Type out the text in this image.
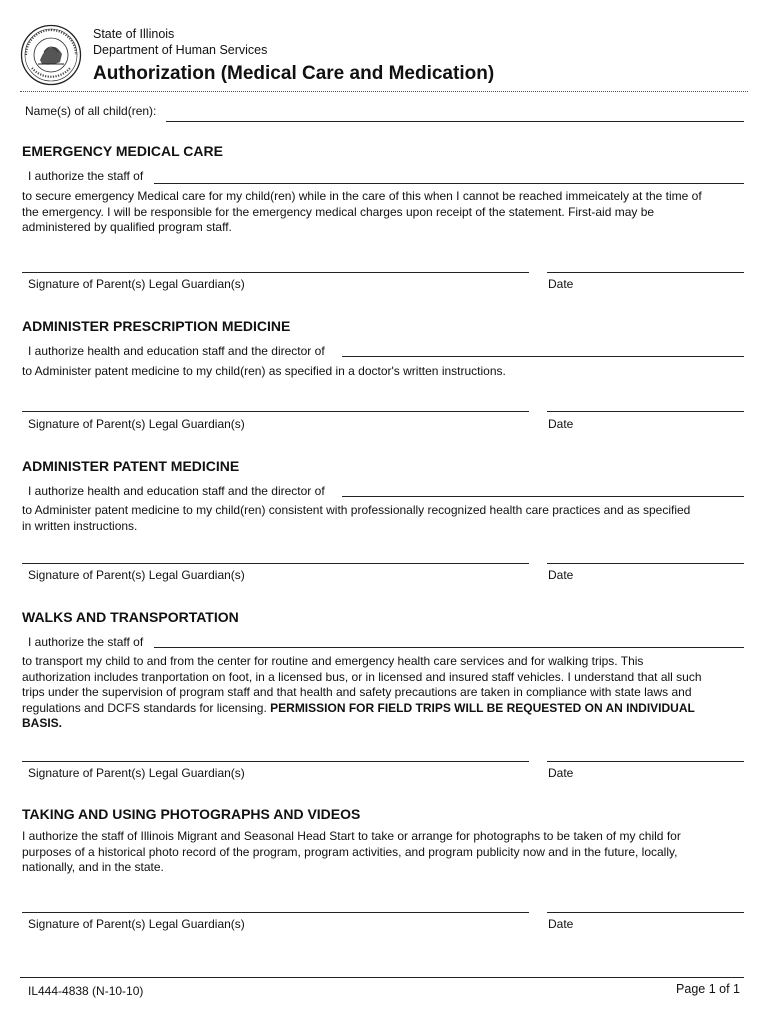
State of Illinois
Department of Human Services
Authorization (Medical Care and Medication)
Name(s) of all child(ren):
EMERGENCY MEDICAL CARE
I authorize the staff of
to secure emergency Medical care for my child(ren) while in the care of this when I cannot be reached immeicately at the time of
the emergency. I will be responsible for the emergency medical charges upon receipt of the statement. First-aid may be
administered by qualified program staff.
Signature of Parent(s) Legal Guardian(s)	Date
ADMINISTER PRESCRIPTION MEDICINE
I authorize health and education staff and the director of
to Administer patent medicine to my child(ren) as specified in a doctor's written instructions.
Signature of Parent(s) Legal Guardian(s)	Date
ADMINISTER PATENT MEDICINE
I authorize health and education staff and the director of
to Administer patent medicine to my child(ren) consistent with professionally recognized health care practices and as specified
in written instructions.
Signature of Parent(s) Legal Guardian(s)	Date
WALKS AND TRANSPORTATION
I authorize the staff of
to transport my child to and from the center for routine and emergency health care services and for walking trips. This
authorization includes tranportation on foot, in a licensed bus, or in licensed and insured staff vehicles. I understand that all such
trips under the supervision of program staff and that health and safety precautions are taken in compliance with state laws and
regulations and DCFS standards for licensing. PERMISSION FOR FIELD TRIPS WILL BE REQUESTED ON AN INDIVIDUAL
BASIS.
Signature of Parent(s) Legal Guardian(s)	Date
TAKING AND USING PHOTOGRAPHS AND VIDEOS
I authorize the staff of Illinois Migrant and Seasonal Head Start to take or arrange for photographs to be taken of my child for
purposes of a historical photo record of the program, program activities, and program publicity now and in the future, locally,
nationally, and in the state.
Signature of Parent(s) Legal Guardian(s)	Date
IL444-4838 (N-10-10)	Page 1 of 1
